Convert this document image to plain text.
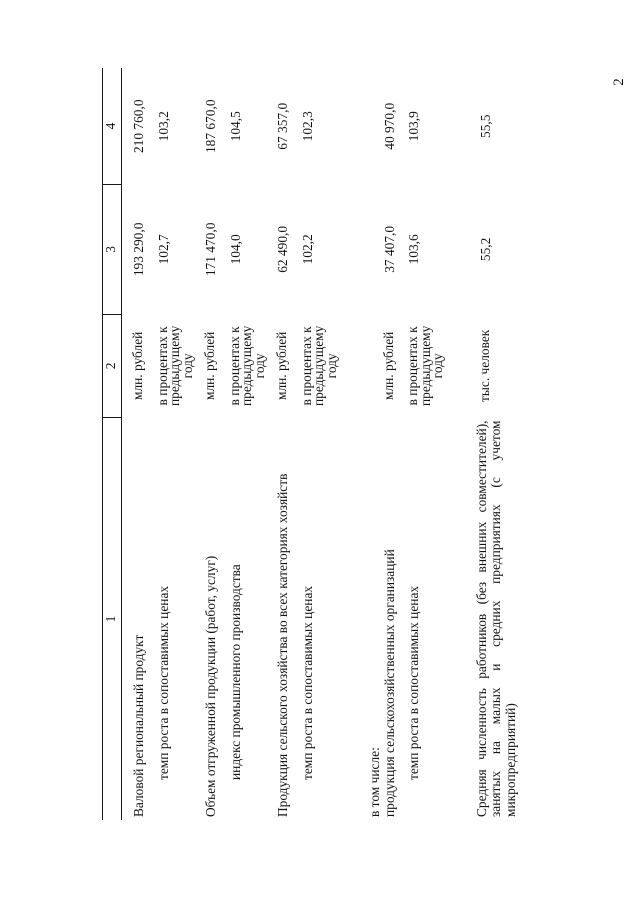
2
1	2	3	4

Валовой региональный продукт	млн. рублей	193 290,0	210 760,0

темп роста в сопоставимых ценах	в процентах к предыдущему году	102,7	103,2

Объем отгруженной продукции (работ, услуг)	млн. рублей	171 470,0	187 670,0

индекс промышленного производства	в процентах к предыдущему году	104,0	104,5

Продукция сельского хозяйства во всех категориях хозяйств	млн. рублей	62 490,0	67 357,0

темп роста в сопоставимых ценах	в процентах к предыдущему году	102,2	102,3

в том числе:			
продукция сельскохозяйственных организаций	млн. рублей	37 407,0	40 970,0

темп роста в сопоставимых ценах	в процентах к предыдущему году	103,6	103,9

Средняя численность работников (без внешних совместителей), занятых на малых и средних предприятиях (с учетом микропредприятий)	тыс. человек	55,2	55,5
